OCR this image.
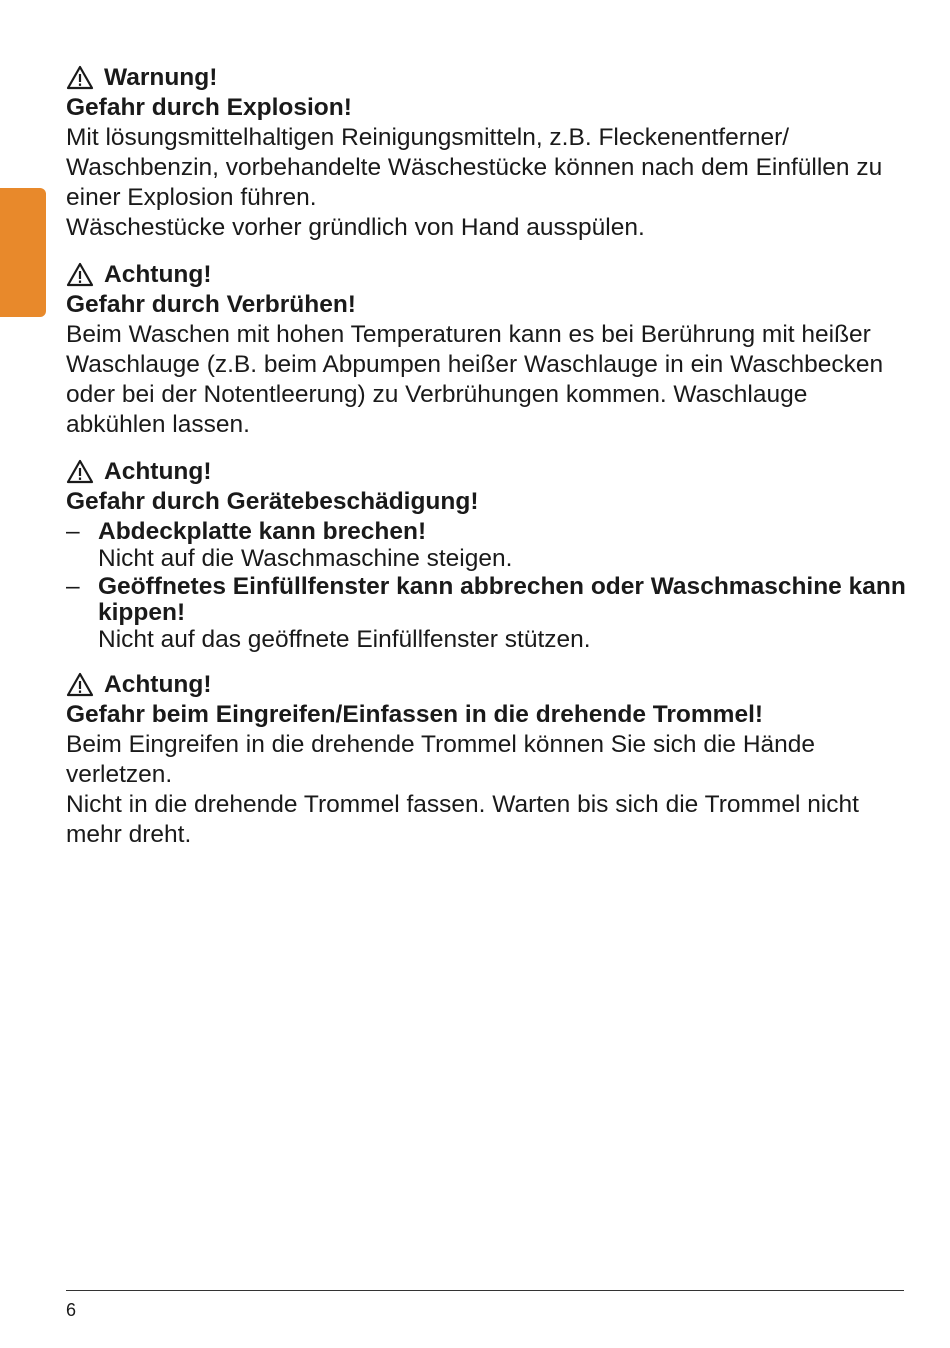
Warnung!
Gefahr durch Explosion!
Mit lösungsmittelhaltigen Reinigungsmitteln, z.B. Fleckenentferner/ Waschbenzin, vorbehandelte Wäschestücke können nach dem Einfüllen zu einer Explosion führen.
Wäschestücke vorher gründlich von Hand ausspülen.
Achtung!
Gefahr durch Verbrühen!
Beim Waschen mit hohen Temperaturen kann es bei Berührung mit heißer Waschlauge (z.B. beim Abpumpen heißer Waschlauge in ein Waschbecken oder bei der Notentleerung) zu Verbrühungen kommen. Waschlauge abkühlen lassen.
Achtung!
Gefahr durch Gerätebeschädigung!
– Abdeckplatte kann brechen!
Nicht auf die Waschmaschine steigen.
– Geöffnetes Einfüllfenster kann abbrechen oder Waschmaschine kann kippen!
Nicht auf das geöffnete Einfüllfenster stützen.
Achtung!
Gefahr beim Eingreifen/Einfassen in die drehende Trommel!
Beim Eingreifen in die drehende Trommel können Sie sich die Hände verletzen.
Nicht in die drehende Trommel fassen. Warten bis sich die Trommel nicht mehr dreht.
6
